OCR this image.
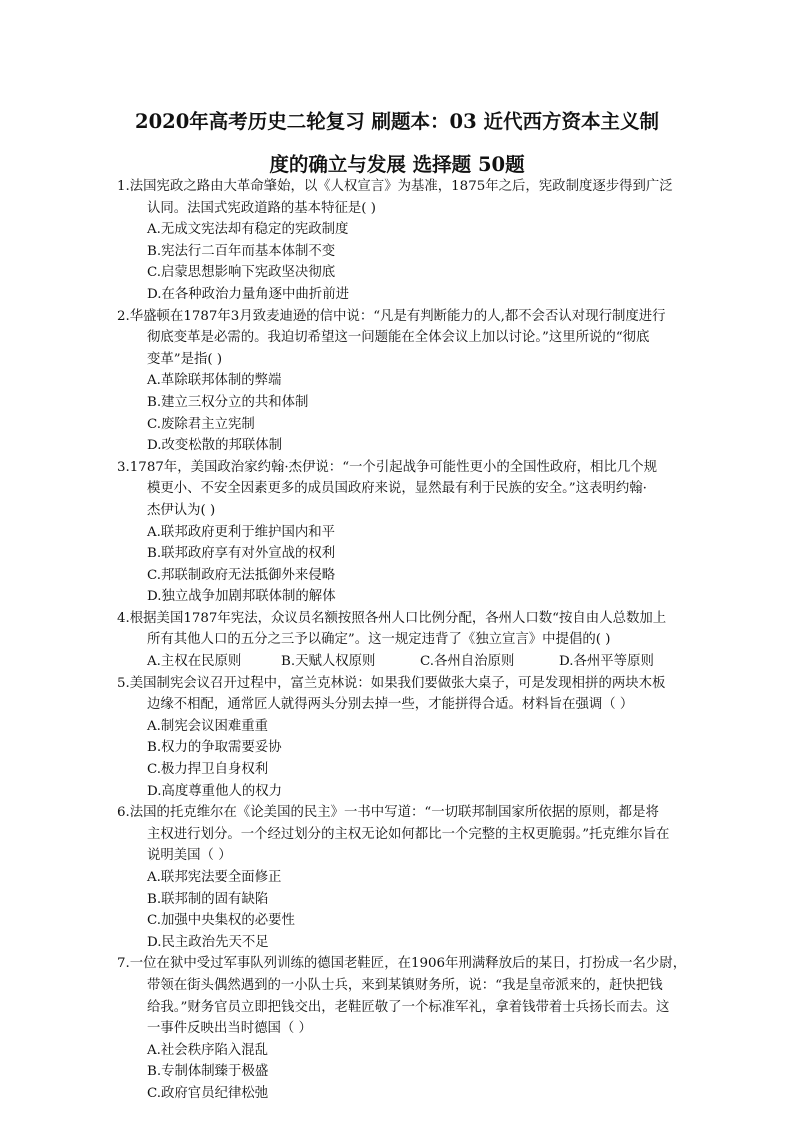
2020年高考历史二轮复习 刷题本：03 近代西方资本主义制
度的确立与发展 选择题 50题
1.法国宪政之路由大革命肇始，以《人权宣言》为基准，1875年之后，宪政制度逐步得到广泛
认同。法国式宪政道路的基本特征是( )
A.无成文宪法却有稳定的宪政制度
B.宪法行二百年而基本体制不变
C.启蒙思想影响下宪政坚决彻底
D.在各种政治力量角逐中曲折前进
2.华盛顿在1787年3月致麦迪逊的信中说：“凡是有判断能力的人,都不会否认对现行制度进行
彻底变革是必需的。我迫切希望这一问题能在全体会议上加以讨论。”这里所说的“彻底
变革”是指( )
A.革除联邦体制的弊端
B.建立三权分立的共和体制
C.废除君主立宪制
D.改变松散的邦联体制
3.1787年，美国政治家约翰·杰伊说：“一个引起战争可能性更小的全国性政府，相比几个规
模更小、不安全因素更多的成员国政府来说，显然最有利于民族的安全。”这表明约翰·
杰伊认为( )
A.联邦政府更利于维护国内和平
B.联邦政府享有对外宣战的权利
C.邦联制政府无法抵御外来侵略
D.独立战争加剧邦联体制的解体
4.根据美国1787年宪法，众议员名额按照各州人口比例分配，各州人口数“按自由人总数加上
所有其他人口的五分之三予以确定”。这一规定违背了《独立宣言》中提倡的( )
A.主权在民原则	B.天赋人权原则	C.各州自治原则	D.各州平等原则
5.美国制宪会议召开过程中，富兰克林说：如果我们要做张大桌子，可是发现相拼的两块木板
边缘不相配，通常匠人就得两头分别去掉一些，才能拼得合适。材料旨在强调（ ）
A.制宪会议困难重重
B.权力的争取需要妥协
C.极力捍卫自身权利
D.高度尊重他人的权力
6.法国的托克维尔在《论美国的民主》一书中写道：“一切联邦制国家所依据的原则，都是将
主权进行划分。一个经过划分的主权无论如何都比一个完整的主权更脆弱。”托克维尔旨在
说明美国（ ）
A.联邦宪法要全面修正
B.联邦制的固有缺陷
C.加强中央集权的必要性
D.民主政治先天不足
7.一位在狱中受过军事队列训练的德国老鞋匠，在1906年刑满释放后的某日，打扮成一名少尉，
带领在街头偶然遇到的一小队士兵，来到某镇财务所，说：“我是皇帝派来的，赶快把钱
给我。”财务官员立即把钱交出，老鞋匠敬了一个标准军礼，拿着钱带着士兵扬长而去。这
一事件反映出当时德国（ ）
A.社会秩序陷入混乱
B.专制体制臻于极盛
C.政府官员纪律松弛
